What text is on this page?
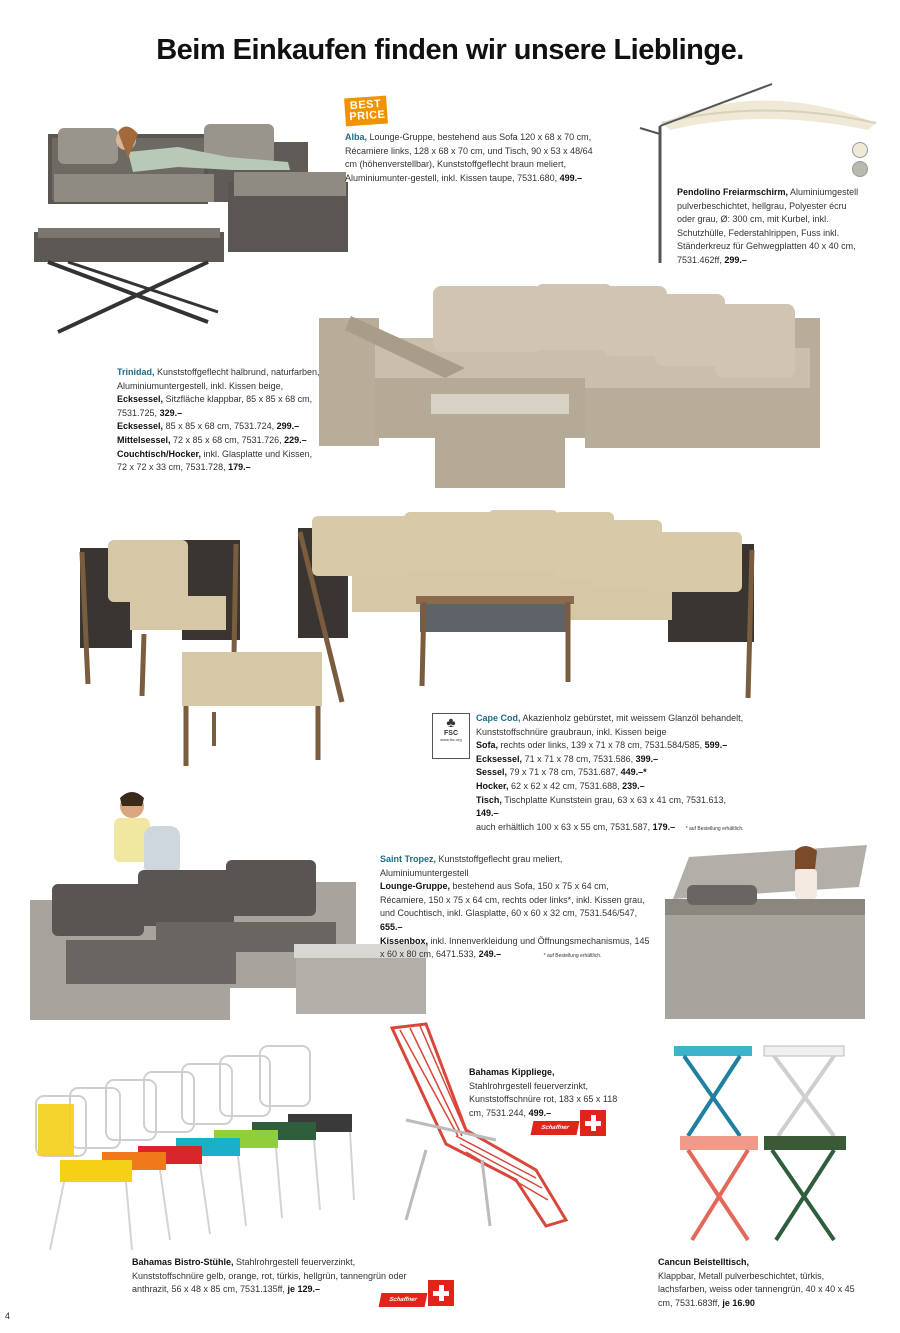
Beim Einkaufen finden wir unsere Lieblinge.
BEST
PRICE
Alba, Lounge-Gruppe, bestehend aus Sofa 120 x 68 x 70 cm, Récamiere links, 128 x 68 x 70 cm, und Tisch, 90 x 53 x 48/64 cm (höhenverstellbar), Kunststoffgeflecht braun meliert, Aluminiumunter-gestell, inkl. Kissen taupe, 7531.680, 499.–
Pendolino Freiarmschirm, Aluminiumgestell pulverbeschichtet, hellgrau, Polyester écru oder grau, Ø: 300 cm, mit Kurbel, inkl. Schutzhülle, Federstahlrippen, Fuss inkl. Ständerkreuz für Gehwegplatten 40 x 40 cm, 7531.462ff, 299.–
Trinidad, Kunststoffgeflecht halbrund, naturfarben, Aluminiumuntergestell, inkl. Kissen beige,
Ecksessel, Sitzfläche klappbar, 85 x 85 x 68 cm, 7531.725, 329.–
Ecksessel, 85 x 85 x 68 cm, 7531.724, 299.–
Mittelsessel, 72 x 85 x 68 cm, 7531.726, 229.–
Couchtisch/Hocker, inkl. Glasplatte und Kissen, 72 x 72 x 33 cm, 7531.728, 179.–
♣
FSC
www.fsc.org
Cape Cod, Akazienholz gebürstet, mit weissem Glanzöl behandelt, Kunststoffschnüre graubraun, inkl. Kissen beige
Sofa, rechts oder links, 139 x 71 x 78 cm, 7531.584/585, 599.–
Ecksessel, 71 x 71 x 78 cm, 7531.586, 399.–
Sessel, 79 x 71 x 78 cm, 7531.687, 449.–*
Hocker, 62 x 62 x 42 cm, 7531.688, 239.–
Tisch, Tischplatte Kunststein grau, 63 x 63 x 41 cm, 7531.613, 149.–
auch erhältlich 100 x 63 x 55 cm, 7531.587, 179.– * auf Bestellung erhältlich.
Saint Tropez, Kunststoffgeflecht grau meliert, Aluminiumuntergestell
Lounge-Gruppe, bestehend aus Sofa, 150 x 75 x 64 cm, Récamiere, 150 x 75 x 64 cm, rechts oder links*, inkl. Kissen grau, und Couchtisch, inkl. Glasplatte, 60 x 60 x 32 cm, 7531.546/547, 655.–
Kissenbox, inkl. Innenverkleidung und Öffnungsmechanismus, 145 x 60 x 80 cm, 6471.533, 249.–	* auf Bestellung erhältlich.
Bahamas Kippliege, Stahlrohrgestell feuerverzinkt, Kunststoffschnüre rot, 183 x 65 x 118 cm, 7531.244, 499.–
Schaffner
Bahamas Bistro-Stühle, Stahlrohrgestell feuerverzinkt, Kunststoffschnüre gelb, orange, rot, türkis, hellgrün, tannengrün oder anthrazit, 56 x 48 x 85 cm, 7531.135ff, je 129.–
Schaffner
Cancun Beistelltisch,
Klappbar, Metall pulverbeschichtet, türkis, lachsfarben, weiss oder tannengrün, 40 x 40 x 45 cm, 7531.683ff, je 16.90
4
